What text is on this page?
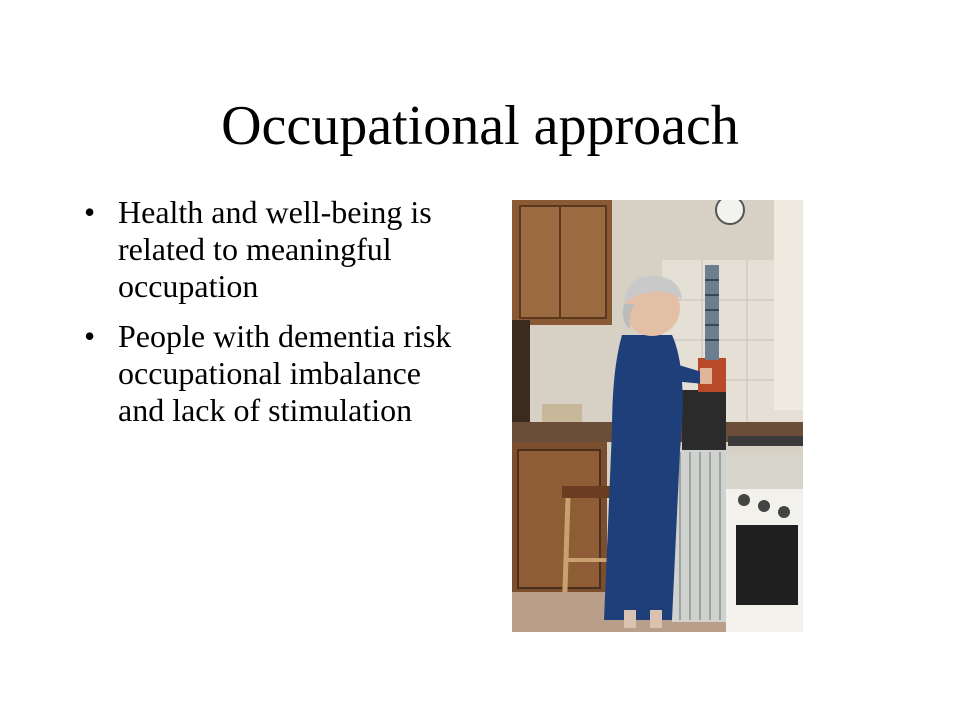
Occupational approach
• Health and well-being is related to meaningful occupation
• People with dementia risk occupational imbalance and lack of stimulation
